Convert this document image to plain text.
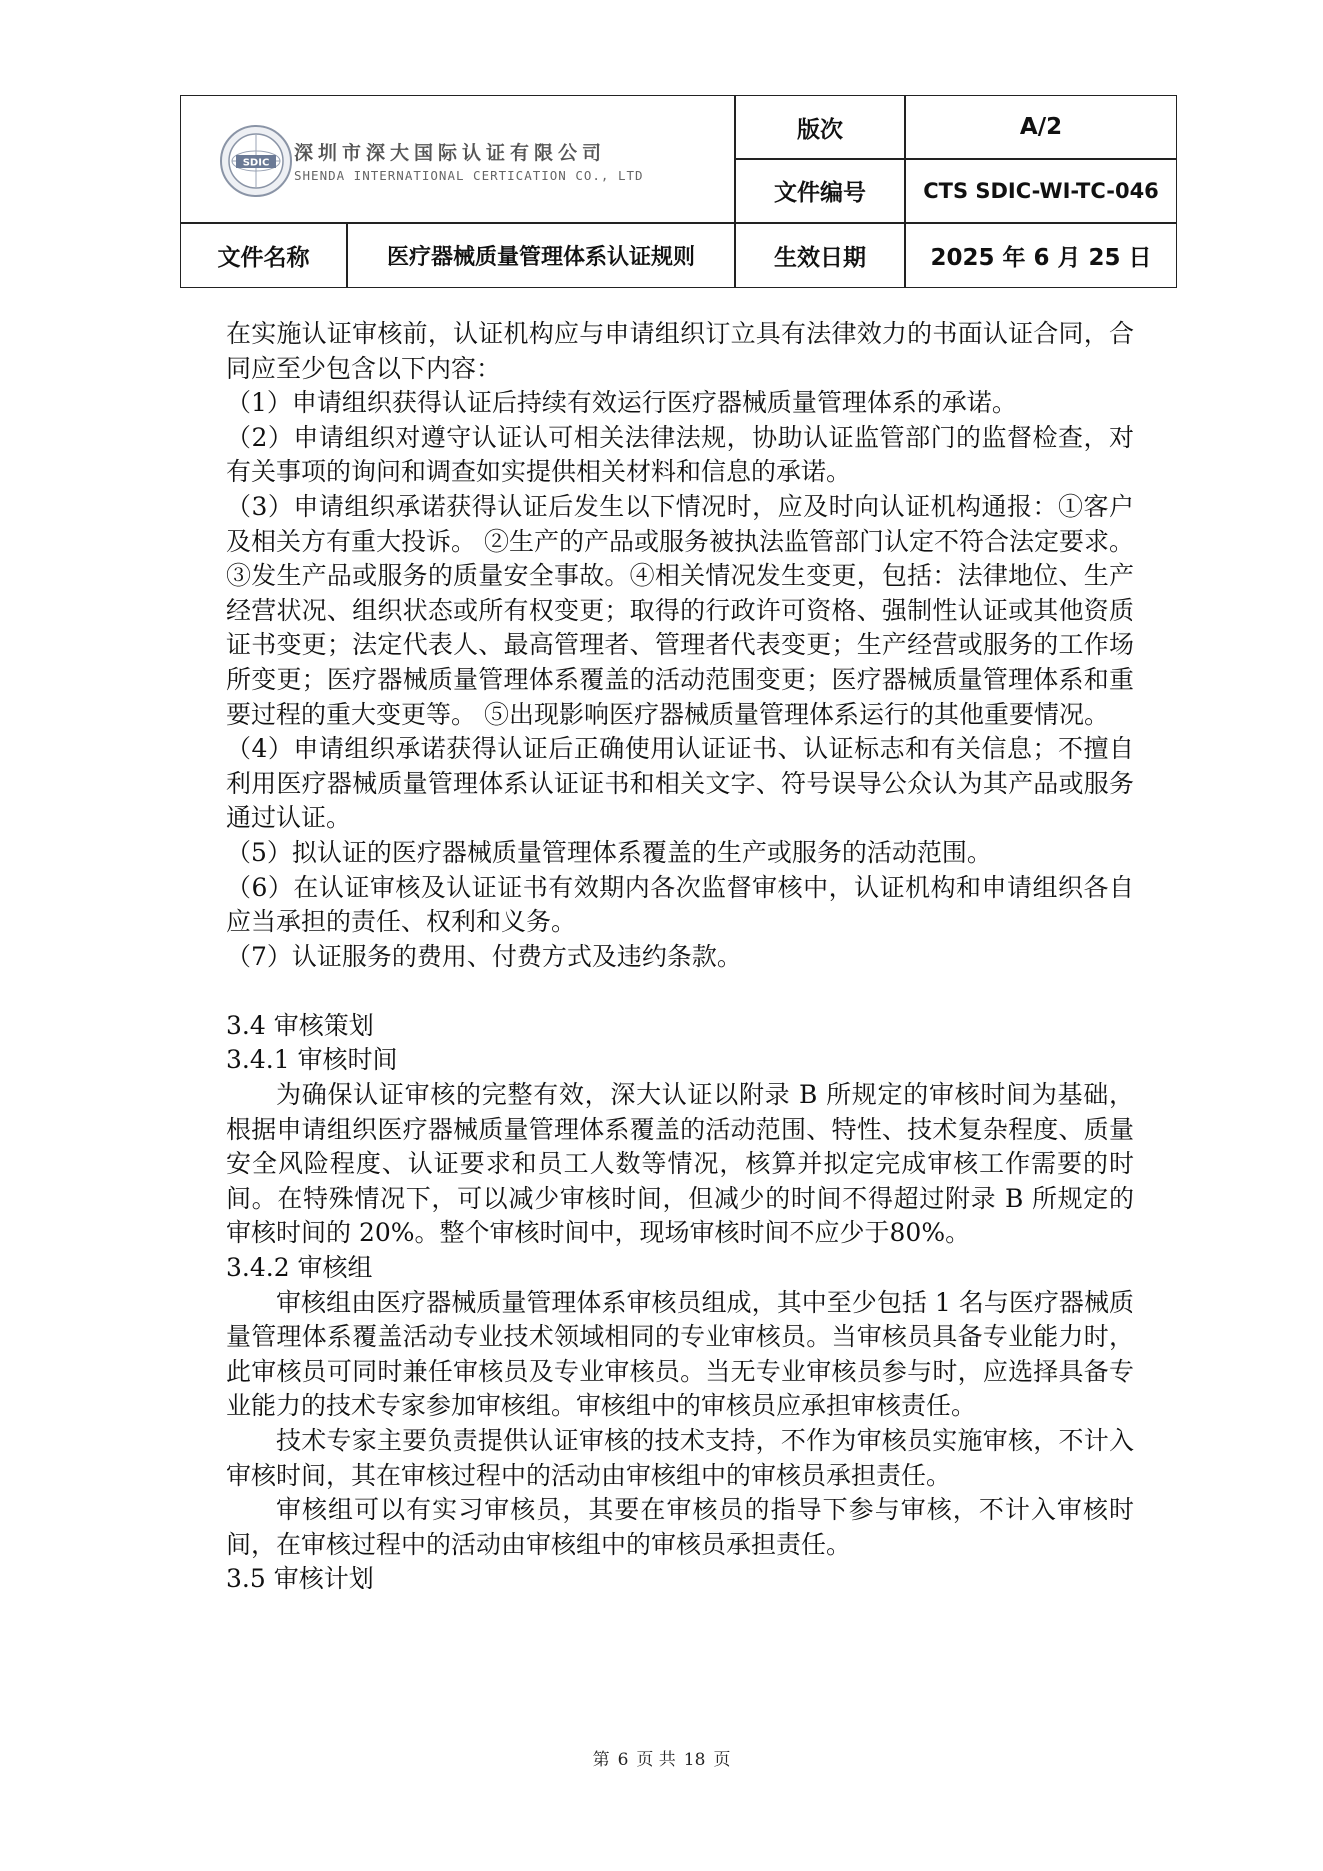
SDIC 深圳市深大国际认证有限公司
SHENDA INTERNATIONAL CERTICATION CO., LTD
版次	A/2
文件编号	CTS SDIC-WI-TC-046
文件名称	医疗器械质量管理体系认证规则	生效日期	2025 年 6 月 25 日

在实施认证审核前，认证机构应与申请组织订立具有法律效力的书面认证合同，合同应至少包含以下内容：

（1）申请组织获得认证后持续有效运行医疗器械质量管理体系的承诺。

（2）申请组织对遵守认证认可相关法律法规，协助认证监管部门的监督检查，对有关事项的询问和调查如实提供相关材料和信息的承诺。

（3）申请组织承诺获得认证后发生以下情况时，应及时向认证机构通报：①客户及相关方有重大投诉。 ②生产的产品或服务被执法监管部门认定不符合法定要求。 ③发生产品或服务的质量安全事故。④相关情况发生变更，包括：法律地位、生产经营状况、组织状态或所有权变更；取得的行政许可资格、强制性认证或其他资质证书变更；法定代表人、最高管理者、管理者代表变更；生产经营或服务的工作场所变更；医疗器械质量管理体系覆盖的活动范围变更；医疗器械质量管理体系和重要过程的重大变更等。 ⑤出现影响医疗器械质量管理体系运行的其他重要情况。

（4）申请组织承诺获得认证后正确使用认证证书、认证标志和有关信息；不擅自利用医疗器械质量管理体系认证证书和相关文字、符号误导公众认为其产品或服务通过认证。

（5）拟认证的医疗器械质量管理体系覆盖的生产或服务的活动范围。

（6）在认证审核及认证证书有效期内各次监督审核中，认证机构和申请组织各自应当承担的责任、权利和义务。

（7）认证服务的费用、付费方式及违约条款。

3.4 审核策划

3.4.1 审核时间

为确保认证审核的完整有效，深大认证以附录 B 所规定的审核时间为基础，根据申请组织医疗器械质量管理体系覆盖的活动范围、特性、技术复杂程度、质量安全风险程度、认证要求和员工人数等情况，核算并拟定完成审核工作需要的时间。在特殊情况下，可以减少审核时间，但减少的时间不得超过附录 B 所规定的审核时间的 20%。整个审核时间中，现场审核时间不应少于80%。

3.4.2 审核组

审核组由医疗器械质量管理体系审核员组成，其中至少包括 1 名与医疗器械质量管理体系覆盖活动专业技术领域相同的专业审核员。当审核员具备专业能力时，此审核员可同时兼任审核员及专业审核员。当无专业审核员参与时，应选择具备专业能力的技术专家参加审核组。审核组中的审核员应承担审核责任。

技术专家主要负责提供认证审核的技术支持，不作为审核员实施审核，不计入审核时间，其在审核过程中的活动由审核组中的审核员承担责任。

审核组可以有实习审核员，其要在审核员的指导下参与审核，不计入审核时间，在审核过程中的活动由审核组中的审核员承担责任。

3.5 审核计划

第 6 页 共 18 页
